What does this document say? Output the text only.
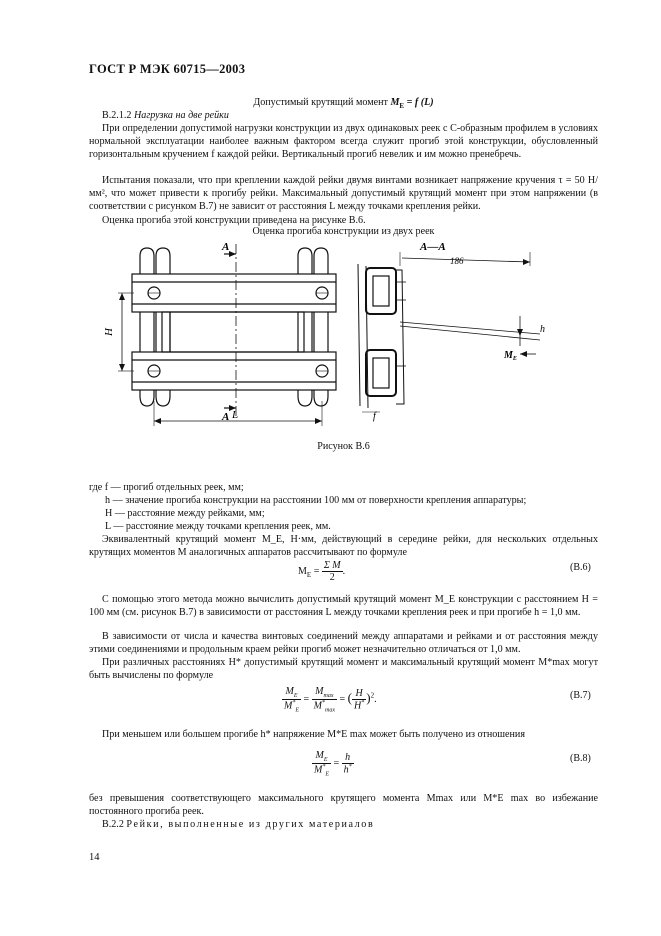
ГОСТ Р МЭК 60715—2003
Допустимый крутящий момент $M_E = f$ (L)
В.2.1.2 Нагрузка на две рейки
При определении допустимой нагрузки конструкции из двух одинаковых реек с С-образным профилем в условиях нормальной эксплуатации наиболее важным фактором всегда служит прогиб этой конструкции, обусловленный горизонтальным кручением f каждой рейки. Вертикальный прогиб невелик и им можно пренебречь.
Испытания показали, что при креплении каждой рейки двумя винтами возникает напряжение кручения τ = 50 Н/мм², что может привести к прогибу рейки. Максимальный допустимый крутящий момент при этом напряжении (в соответствии с рисунком В.7) не зависит от расстояния L между точками крепления рейки.
Оценка прогиба этой конструкции приведена на рисунке В.6.
Оценка прогиба конструкции из двух реек
A
A
A—A
186
H
L
h
f
$M_E$
Рисунок В.6
где f — прогиб отдельных реек, мм;
h — значение прогиба конструкции на расстоянии 100 мм от поверхности крепления аппаратуры;
Н — расстояние между рейками, мм;
L — расстояние между точками крепления реек, мм.
Эквивалентный крутящий момент M_E, Н·мм, действующий в середине рейки, для нескольких отдельных крутящих моментов M аналогичных аппаратов рассчитывают по формуле
$M_E = \frac{\text{Σ M}}{2}$ .	(В.6)
С помощью этого метода можно вычислить допустимый крутящий момент M_E конструкции с расстоянием H = 100 мм (см. рисунок В.7) в зависимости от расстояния L между точками крепления реек и при прогибе h = 1,0 мм.
В зависимости от числа и качества винтовых соединений между аппаратами и рейками и от расстояния между этими соединениями и продольным краем рейки прогиб может незначительно отличаться от 1,0 мм.
При различных расстояниях H* допустимый крутящий момент и максимальный крутящий момент M*max могут быть вычислены по формуле
$\frac{M_E}{M^*_E} = \frac{M_{max}}{M^*_{max}}$ = ( $\frac{H}{H^*} )^2$.	(В.7)
При меньшем или большем прогибе h* напряжение M*E max может быть получено из отношения
$\frac{M_E}{M^*_E} = \frac{h}{h^*}$	(В.8)
без превышения соответствующего максимального крутящего момента Mmax или M*E max во избежание постоянного прогиба реек.
В.2.2 Рейки, выполненные из других материалов
14
